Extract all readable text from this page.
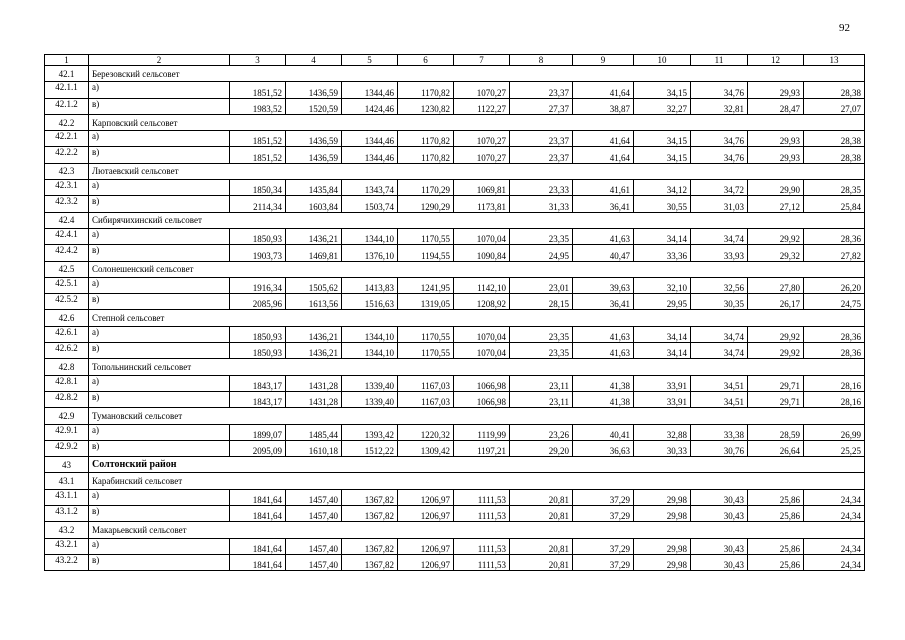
92
1	2	3	4	5	6	7	8	9	10	11	12	13
42.1	Березовский сельсовет											
42.1.1	а)	1851,52	1436,59	1344,46	1170,82	1070,27	23,37	41,64	34,15	34,76	29,93	28,38
42.1.2	в)	1983,52	1520,59	1424,46	1230,82	1122,27	27,37	38,87	32,27	32,81	28,47	27,07
42.2	Карповский сельсовет											
42.2.1	а)	1851,52	1436,59	1344,46	1170,82	1070,27	23,37	41,64	34,15	34,76	29,93	28,38
42.2.2	в)	1851,52	1436,59	1344,46	1170,82	1070,27	23,37	41,64	34,15	34,76	29,93	28,38
42.3	Лютаевский сельсовет											
42.3.1	а)	1850,34	1435,84	1343,74	1170,29	1069,81	23,33	41,61	34,12	34,72	29,90	28,35
42.3.2	в)	2114,34	1603,84	1503,74	1290,29	1173,81	31,33	36,41	30,55	31,03	27,12	25,84
42.4	Сибирячихинский сельсовет											
42.4.1	а)	1850,93	1436,21	1344,10	1170,55	1070,04	23,35	41,63	34,14	34,74	29,92	28,36
42.4.2	в)	1903,73	1469,81	1376,10	1194,55	1090,84	24,95	40,47	33,36	33,93	29,32	27,82
42.5	Солонешенский сельсовет											
42.5.1	а)	1916,34	1505,62	1413,83	1241,95	1142,10	23,01	39,63	32,10	32,56	27,80	26,20
42.5.2	в)	2085,96	1613,56	1516,63	1319,05	1208,92	28,15	36,41	29,95	30,35	26,17	24,75
42.6	Степной сельсовет											
42.6.1	а)	1850,93	1436,21	1344,10	1170,55	1070,04	23,35	41,63	34,14	34,74	29,92	28,36
42.6.2	в)	1850,93	1436,21	1344,10	1170,55	1070,04	23,35	41,63	34,14	34,74	29,92	28,36
42.8	Топольнинский сельсовет											
42.8.1	а)	1843,17	1431,28	1339,40	1167,03	1066,98	23,11	41,38	33,91	34,51	29,71	28,16
42.8.2	в)	1843,17	1431,28	1339,40	1167,03	1066,98	23,11	41,38	33,91	34,51	29,71	28,16
42.9	Тумановский сельсовет											
42.9.1	а)	1899,07	1485,44	1393,42	1220,32	1119,99	23,26	40,41	32,88	33,38	28,59	26,99
42.9.2	в)	2095,09	1610,18	1512,22	1309,42	1197,21	29,20	36,63	30,33	30,76	26,64	25,25
43	Солтонский район											
43.1	Карабинский сельсовет											
43.1.1	а)	1841,64	1457,40	1367,82	1206,97	1111,53	20,81	37,29	29,98	30,43	25,86	24,34
43.1.2	в)	1841,64	1457,40	1367,82	1206,97	1111,53	20,81	37,29	29,98	30,43	25,86	24,34
43.2	Макарьевский сельсовет											
43.2.1	а)	1841,64	1457,40	1367,82	1206,97	1111,53	20,81	37,29	29,98	30,43	25,86	24,34
43.2.2	в)	1841,64	1457,40	1367,82	1206,97	1111,53	20,81	37,29	29,98	30,43	25,86	24,34
